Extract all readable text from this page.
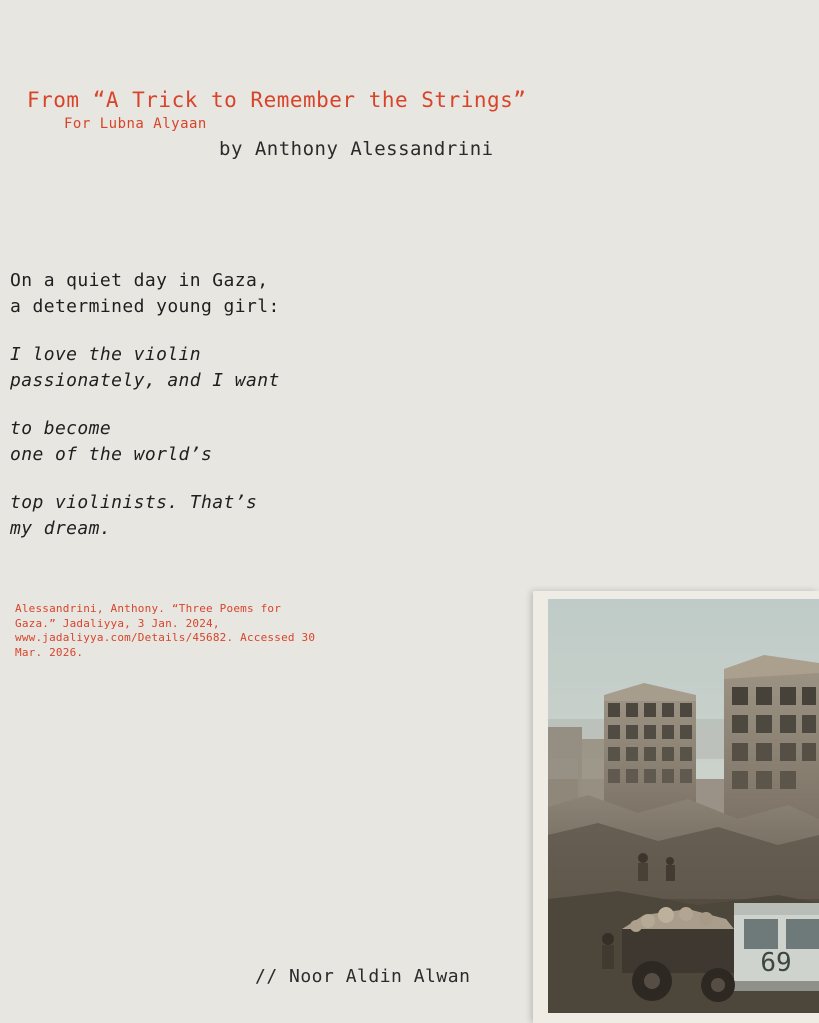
From “A Trick to Remember the Strings”
For Lubna Alyaan
by Anthony Alessandrini
On a quiet day in Gaza,
a determined young girl:
I love the violin
passionately, and I want
to become
one of the world’s
top violinists. That’s
my dream.
Alessandrini, Anthony. “Three Poems for
Gaza.” Jadaliyya, 3 Jan. 2024,
www.jadaliyya.com/Details/45682. Accessed 30
Mar. 2026.
// Noor Aldin Alwan	69
